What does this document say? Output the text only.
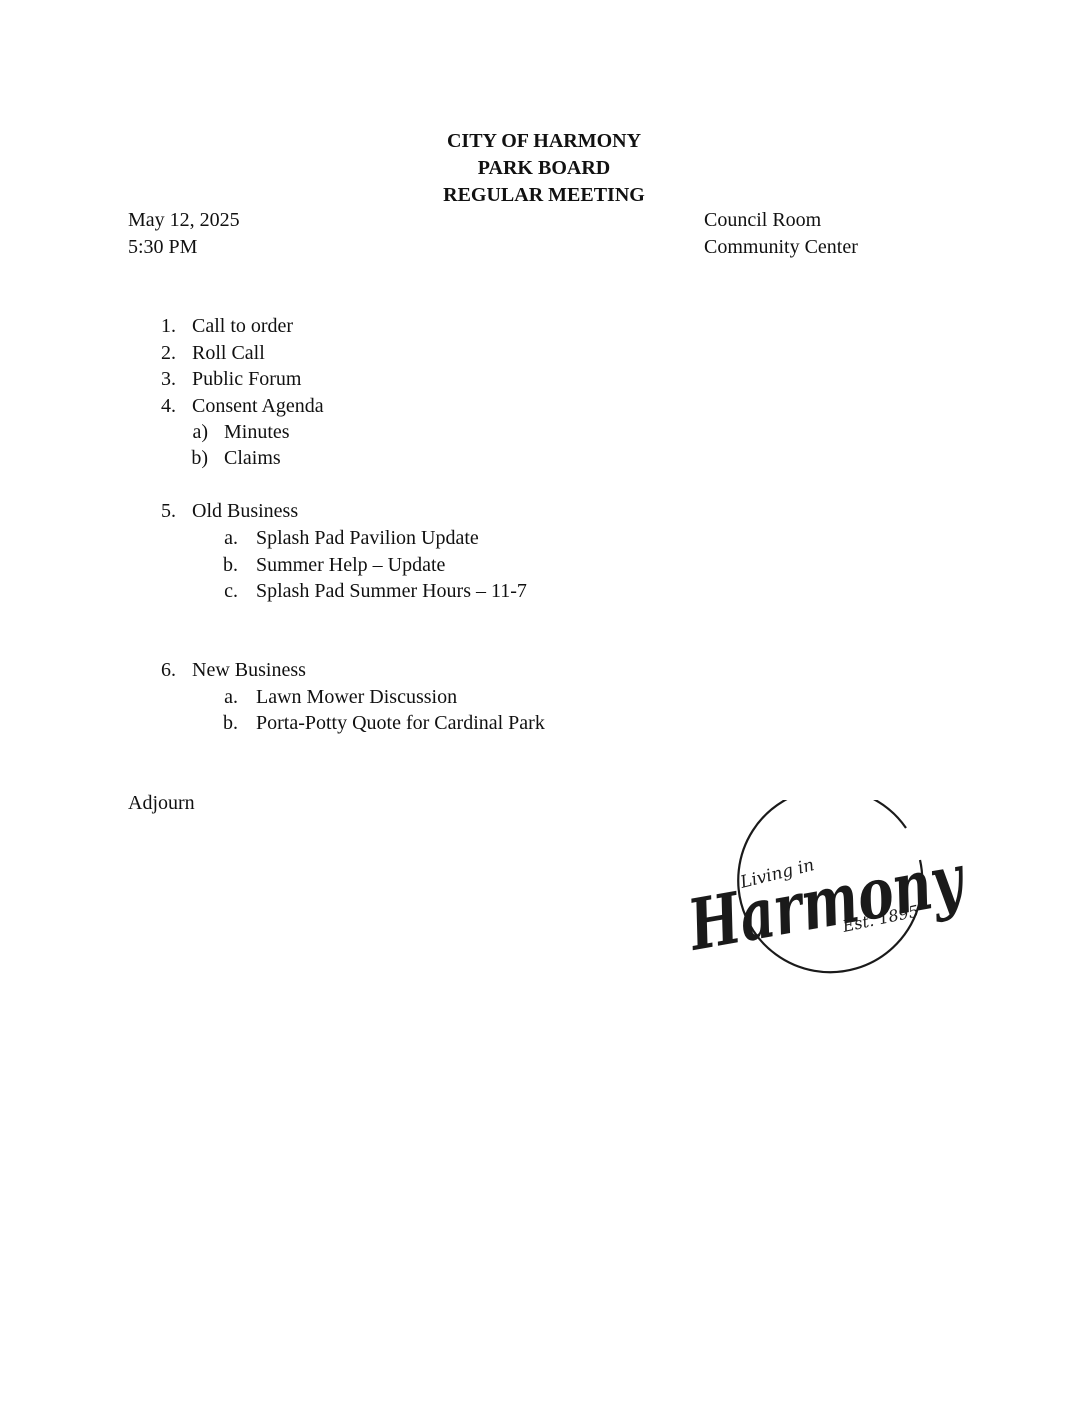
CITY OF HARMONY
PARK BOARD
REGULAR MEETING
May 12, 2025
5:30 PM
Council Room
Community Center
1. Call to order
2. Roll Call
3. Public Forum
4. Consent Agenda
a) Minutes
b) Claims
5. Old Business
a. Splash Pad Pavilion Update
b. Summer Help – Update
c. Splash Pad Summer Hours – 11-7
6. New Business
a. Lawn Mower Discussion
b. Porta-Potty Quote for Cardinal Park
Adjourn
Living in
Harmony
Est. 1895
